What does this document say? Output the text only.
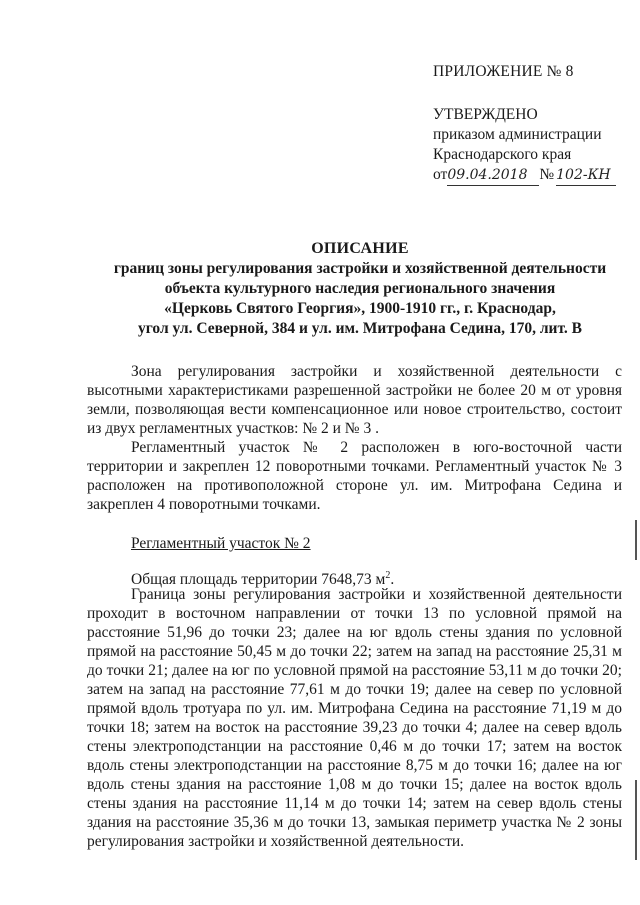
ПРИЛОЖЕНИЕ № 8
УТВЕРЖДЕНО
приказом администрации
Краснодарского края
от09.04.2018 № 102-КН
ОПИСАНИЕ
границ зоны регулирования застройки и хозяйственной деятельности
объекта культурного наследия регионального значения
«Церковь Святого Георгия», 1900-1910 гг., г. Краснодар,
угол ул. Северной, 384 и ул. им. Митрофана Седина, 170, лит. В

Зона регулирования застройки и хозяйственной деятельности с высотными характеристиками разрешенной застройки не более 20 м от уровня земли, позволяющая вести компенсационное или новое строительство, состоит из двух регламентных участков: № 2 и № 3 .

Регламентный участок № 2 расположен в юго-восточной части территории и закреплен 12 поворотными точками. Регламентный участок № 3 расположен на противоположной стороне ул. им. Митрофана Седина и закреплен 4 поворотными точками.

Регламентный участок № 2
Общая площадь территории 7648,73 $м^2$.

Граница зоны регулирования застройки и хозяйственной деятельности проходит в восточном направлении от точки 13 по условной прямой на расстояние 51,96 до точки 23; далее на юг вдоль стены здания по условной прямой на расстояние 50,45 м до точки 22; затем на запад на расстояние 25,31 м до точки 21; далее на юг по условной прямой на расстояние 53,11 м до точки 20; затем на запад на расстояние 77,61 м до точки 19; далее на север по условной прямой вдоль тротуара по ул. им. Митрофана Седина на расстояние 71,19 м до точки 18; затем на восток на расстояние 39,23 до точки 4; далее на север вдоль стены электроподстанции на расстояние 0,46 м до точки 17; затем на восток вдоль стены электроподстанции на расстояние 8,75 м до точки 16; далее на юг вдоль стены здания на расстояние 1,08 м до точки 15; далее на восток вдоль стены здания на расстояние 11,14 м до точки 14; затем на север вдоль стены здания на расстояние 35,36 м до точки 13, замыкая периметр участка № 2 зоны регулирования застройки и хозяйственной деятельности.
